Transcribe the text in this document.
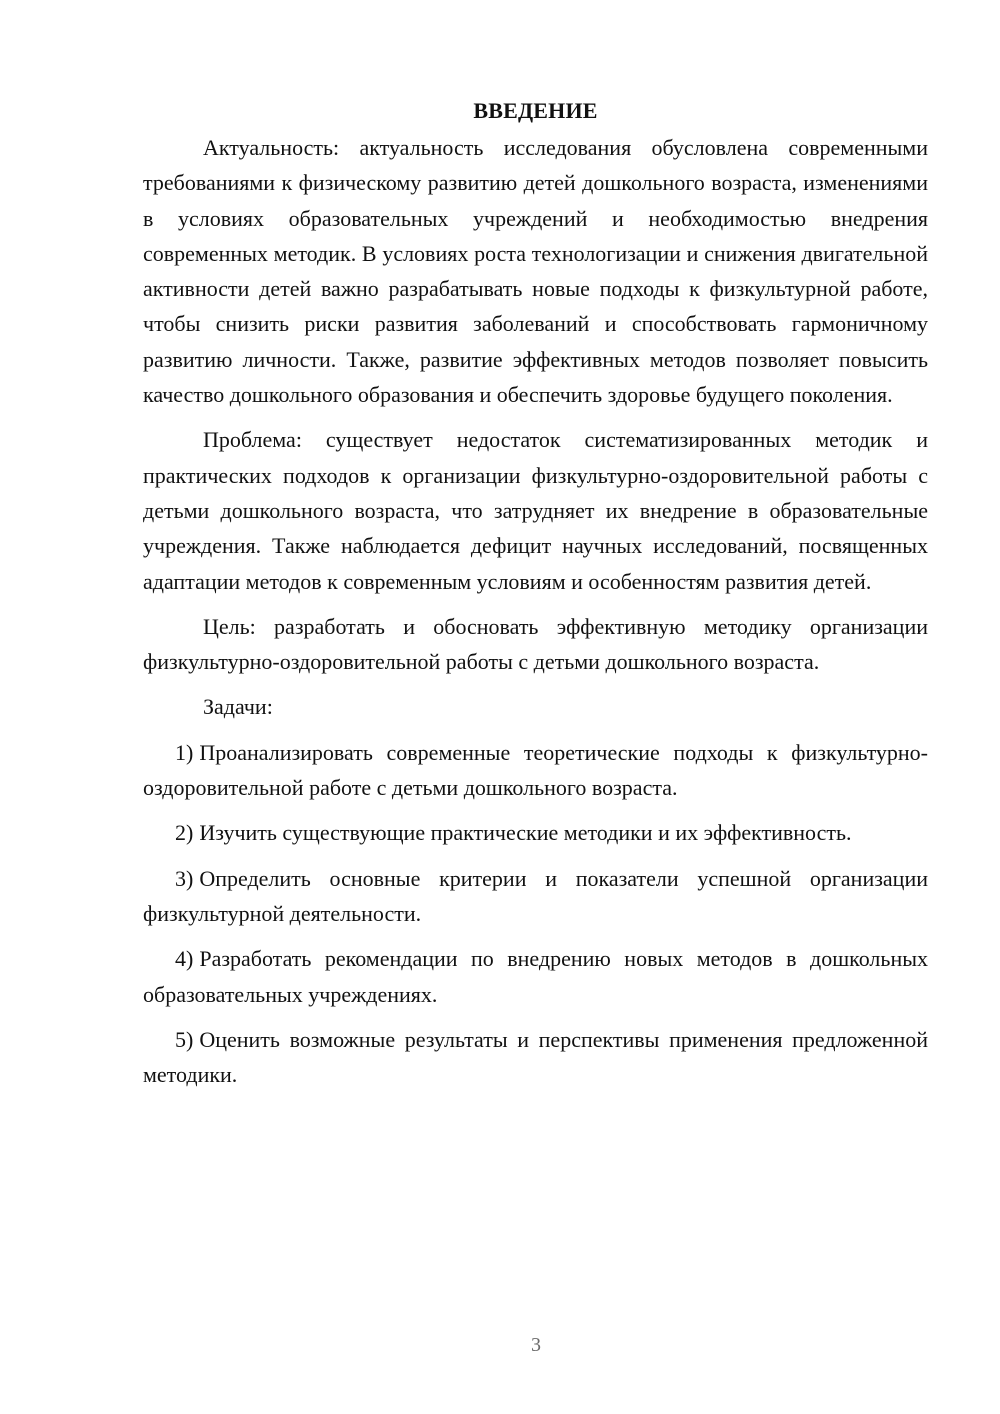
ВВЕДЕНИЕ

Актуальность: актуальность исследования обусловлена современными требованиями к физическому развитию детей дошкольного возраста, изменениями в условиях образовательных учреждений и необходимостью внедрения современных методик. В условиях роста технологизации и снижения двигательной активности детей важно разрабатывать новые подходы к физкультурной работе, чтобы снизить риски развития заболеваний и способствовать гармоничному развитию личности. Также, развитие эффективных методов позволяет повысить качество дошкольного образования и обеспечить здоровье будущего поколения.

Проблема: существует недостаток систематизированных методик и практических подходов к организации физкультурно-оздоровительной работы с детьми дошкольного возраста, что затрудняет их внедрение в образовательные учреждения. Также наблюдается дефицит научных исследований, посвященных адаптации методов к современным условиям и особенностям развития детей.

Цель: разработать и обосновать эффективную методику организации физкультурно-оздоровительной работы с детьми дошкольного возраста.

Задачи:

1) Проанализировать современные теоретические подходы к физкультурно-оздоровительной работе с детьми дошкольного возраста.

2) Изучить существующие практические методики и их эффективность.

3) Определить основные критерии и показатели успешной организации физкультурной деятельности.

4) Разработать рекомендации по внедрению новых методов в дошкольных образовательных учреждениях.

5) Оценить возможные результаты и перспективы применения предложенной методики.

3
